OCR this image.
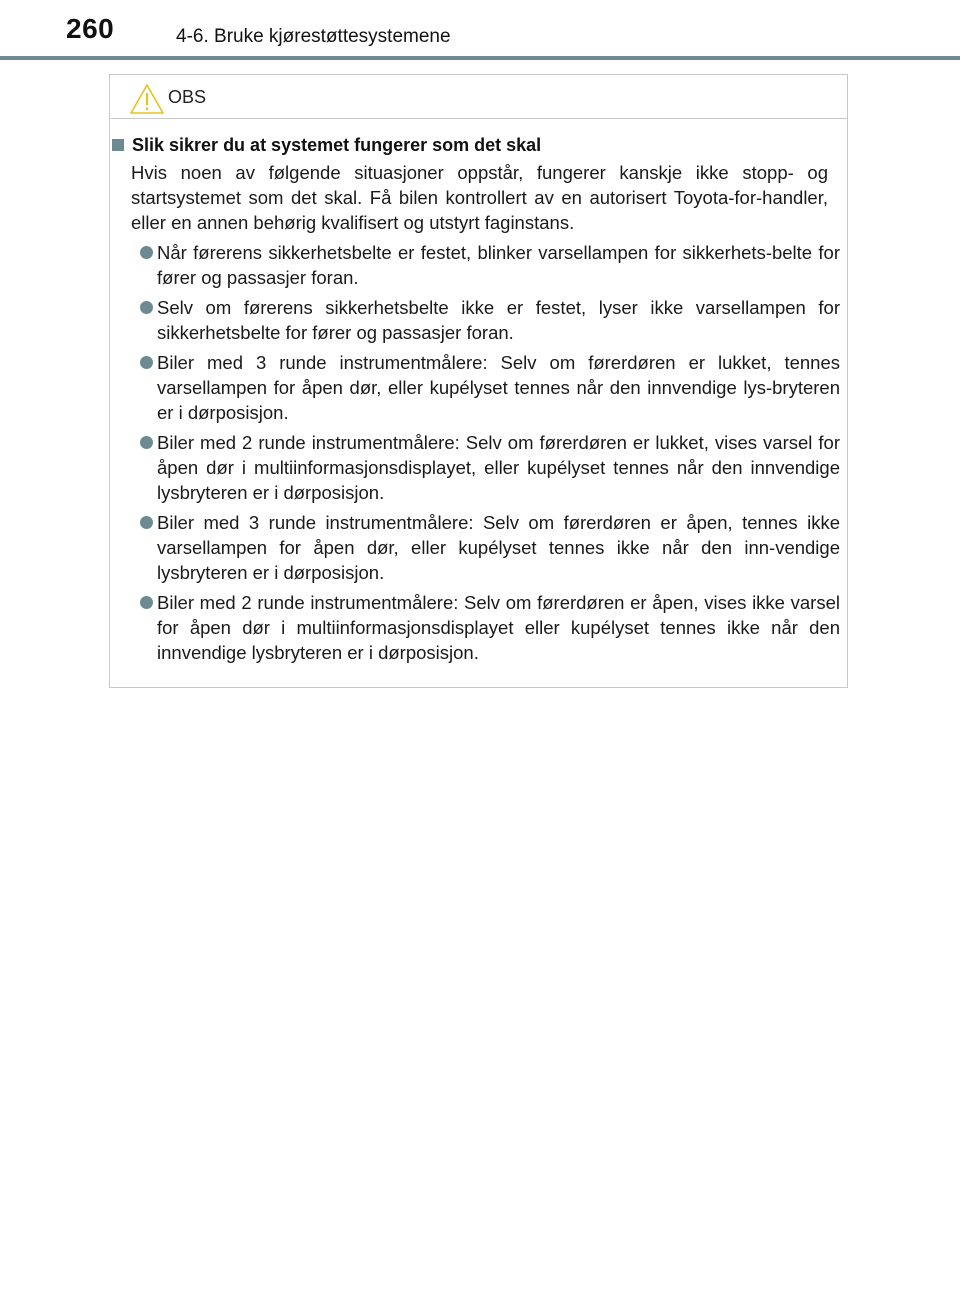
260	4-6. Bruke kjørestøttesystemene
OBS
Slik sikrer du at systemet fungerer som det skal

Hvis noen av følgende situasjoner oppstår, fungerer kanskje ikke stopp- og startsystemet som det skal. Få bilen kontrollert av en autorisert Toyota-for-handler, eller en annen behørig kvalifisert og utstyrt faginstans.

Når førerens sikkerhetsbelte er festet, blinker varsellampen for sikkerhets-belte for fører og passasjer foran.
Selv om førerens sikkerhetsbelte ikke er festet, lyser ikke varsellampen for sikkerhetsbelte for fører og passasjer foran.
Biler med 3 runde instrumentmålere: Selv om førerdøren er lukket, tennes varsellampen for åpen dør, eller kupélyset tennes når den innvendige lys-bryteren er i dørposisjon.
Biler med 2 runde instrumentmålere: Selv om førerdøren er lukket, vises varsel for åpen dør i multiinformasjonsdisplayet, eller kupélyset tennes når den innvendige lysbryteren er i dørposisjon.
Biler med 3 runde instrumentmålere: Selv om førerdøren er åpen, tennes ikke varsellampen for åpen dør, eller kupélyset tennes ikke når den inn-vendige lysbryteren er i dørposisjon.
Biler med 2 runde instrumentmålere: Selv om førerdøren er åpen, vises ikke varsel for åpen dør i multiinformasjonsdisplayet eller kupélyset tennes ikke når den innvendige lysbryteren er i dørposisjon.
